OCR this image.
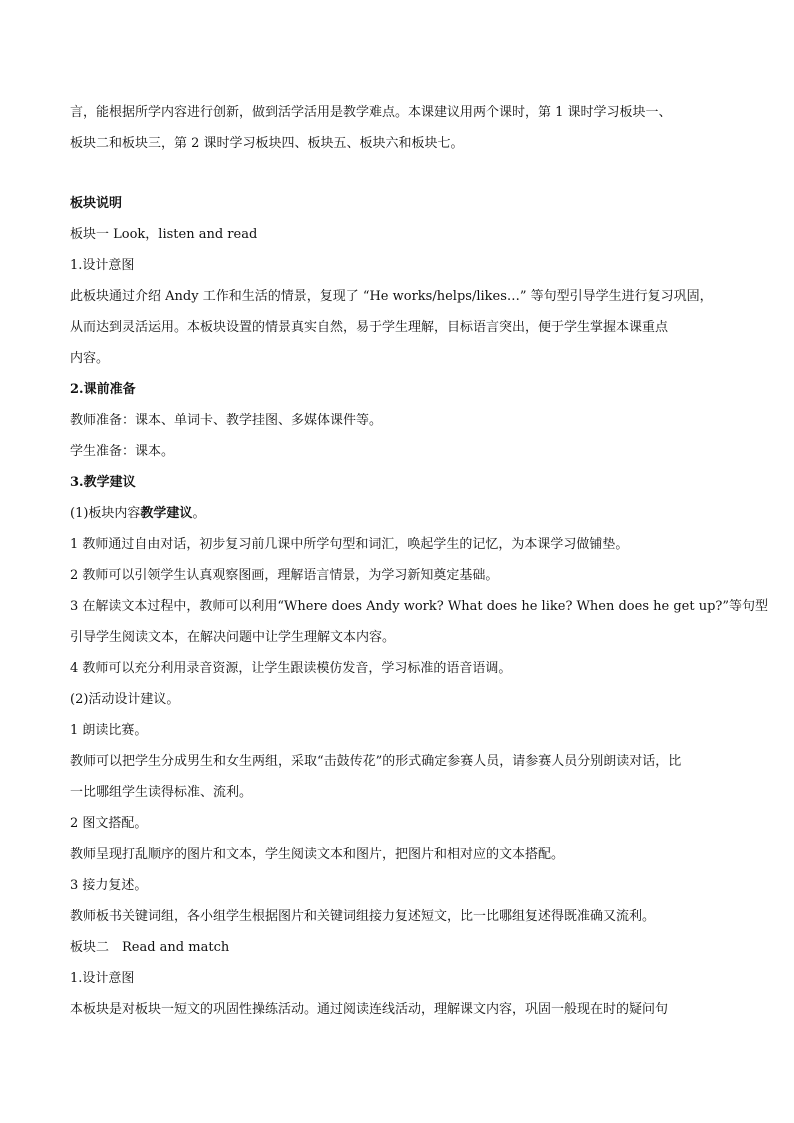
言，能根据所学内容进行创新，做到活学活用是教学难点。本课建议用两个课时，第 1 课时学习板块一、

板块二和板块三，第 2 课时学习板块四、板块五、板块六和板块七。

板块说明

板块一 Look，listen and read

1.设计意图

此板块通过介绍 Andy 工作和生活的情景，复现了 “He works/helps/likes…” 等句型引导学生进行复习巩固，

从而达到灵活运用。本板块设置的情景真实自然，易于学生理解，目标语言突出，便于学生掌握本课重点

内容。

2.课前准备

教师准备：课本、单词卡、教学挂图、多媒体课件等。

学生准备：课本。

3.教学建议

(1)板块内容教学建议。

1 教师通过自由对话，初步复习前几课中所学句型和词汇，唤起学生的记忆，为本课学习做铺垫。

2 教师可以引领学生认真观察图画，理解语言情景，为学习新知奠定基础。

3 在解读文本过程中，教师可以利用“Where does Andy work? What does he like? When does he get up?”等句型

引导学生阅读文本，在解决问题中让学生理解文本内容。

4 教师可以充分利用录音资源，让学生跟读模仿发音，学习标准的语音语调。

(2)活动设计建议。

1 朗读比赛。

教师可以把学生分成男生和女生两组，采取“击鼓传花”的形式确定参赛人员，请参赛人员分别朗读对话，比

一比哪组学生读得标准、流利。

2 图文搭配。

教师呈现打乱顺序的图片和文本，学生阅读文本和图片，把图片和相对应的文本搭配。

3 接力复述。

教师板书关键词组，各小组学生根据图片和关键词组接力复述短文，比一比哪组复述得既准确又流利。

板块二　Read and match

1.设计意图

本板块是对板块一短文的巩固性操练活动。通过阅读连线活动，理解课文内容，巩固一般现在时的疑问句
